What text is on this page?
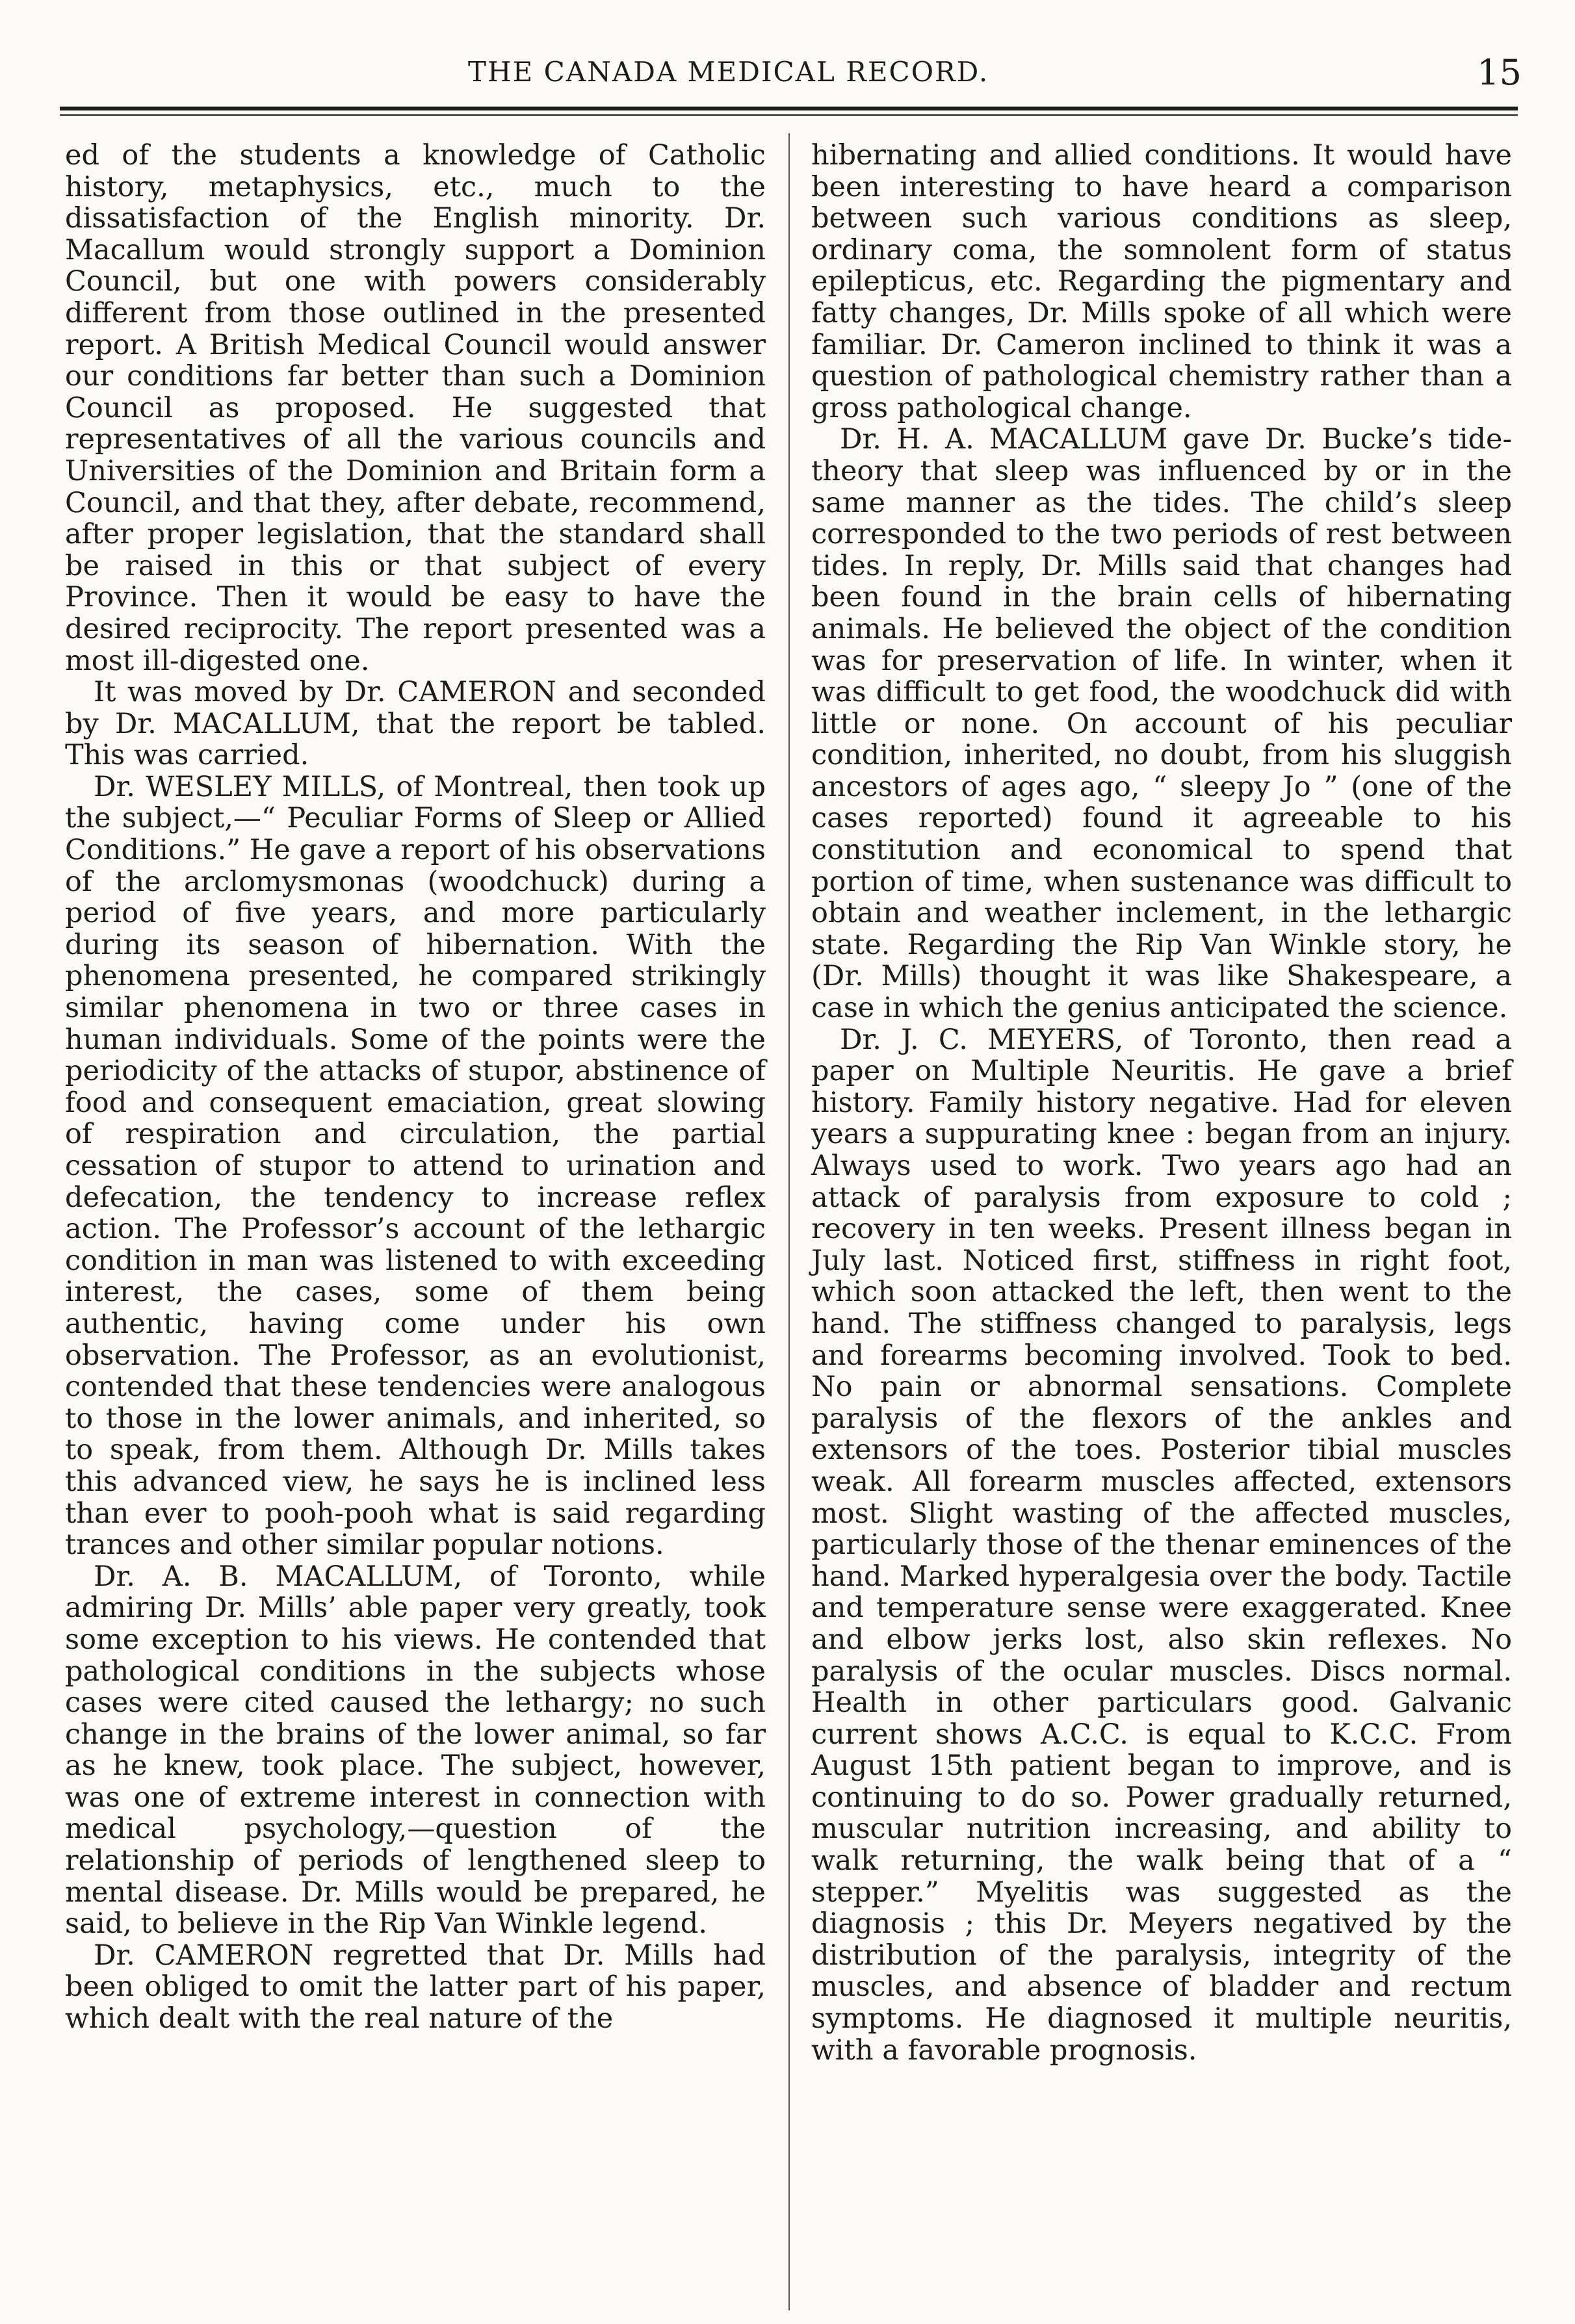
THE CANADA MEDICAL RECORD.	15

ed of the students a knowledge of Catholic history, metaphysics, etc., much to the dissatisfaction of the English minority. Dr. Macallum would strongly support a Dominion Council, but one with powers considerably different from those outlined in the presented report. A British Medical Council would answer our conditions far better than such a Dominion Council as proposed. He suggested that representatives of all the various councils and Universities of the Dominion and Britain form a Council, and that they, after debate, recommend, after proper legislation, that the standard shall be raised in this or that subject of every Province. Then it would be easy to have the desired reciprocity. The report presented was a most ill-digested one.

It was moved by Dr. CAMERON and seconded by Dr. MACALLUM, that the report be tabled. This was carried.

Dr. WESLEY MILLS, of Montreal, then took up the subject,—“ Peculiar Forms of Sleep or Allied Conditions.” He gave a report of his observations of the arclomysmonas (woodchuck) during a period of five years, and more particularly during its season of hibernation. With the phenomena presented, he compared strikingly similar phenomena in two or three cases in human individuals. Some of the points were the periodicity of the attacks of stupor, abstinence of food and consequent emaciation, great slowing of respiration and circulation, the partial cessation of stupor to attend to urination and defecation, the tendency to increase reflex action. The Professor’s account of the lethargic condition in man was listened to with exceeding interest, the cases, some of them being authentic, having come under his own observation. The Professor, as an evolutionist, contended that these tendencies were analogous to those in the lower animals, and inherited, so to speak, from them. Although Dr. Mills takes this advanced view, he says he is inclined less than ever to pooh-pooh what is said regarding trances and other similar popular notions.

Dr. A. B. MACALLUM, of Toronto, while admiring Dr. Mills’ able paper very greatly, took some exception to his views. He contended that pathological conditions in the subjects whose cases were cited caused the lethargy; no such change in the brains of the lower animal, so far as he knew, took place. The subject, however, was one of extreme interest in connection with medical psychology,—question of the relationship of periods of lengthened sleep to mental disease. Dr. Mills would be prepared, he said, to believe in the Rip Van Winkle legend.

Dr. CAMERON regretted that Dr. Mills had been obliged to omit the latter part of his paper, which dealt with the real nature of the

hibernating and allied conditions. It would have been interesting to have heard a comparison between such various conditions as sleep, ordinary coma, the somnolent form of status epilepticus, etc. Regarding the pigmentary and fatty changes, Dr. Mills spoke of all which were familiar. Dr. Cameron inclined to think it was a question of pathological chemistry rather than a gross pathological change.

Dr. H. A. MACALLUM gave Dr. Bucke’s tide-theory that sleep was influenced by or in the same manner as the tides. The child’s sleep corresponded to the two periods of rest between tides. In reply, Dr. Mills said that changes had been found in the brain cells of hibernating animals. He believed the object of the condition was for preservation of life. In winter, when it was difficult to get food, the woodchuck did with little or none. On account of his peculiar condition, inherited, no doubt, from his sluggish ancestors of ages ago, “ sleepy Jo ” (one of the cases reported) found it agreeable to his constitution and economical to spend that portion of time, when sustenance was difficult to obtain and weather inclement, in the lethargic state. Regarding the Rip Van Winkle story, he (Dr. Mills) thought it was like Shakespeare, a case in which the genius anticipated the science.

Dr. J. C. MEYERS, of Toronto, then read a paper on Multiple Neuritis. He gave a brief history. Family history negative. Had for eleven years a suppurating knee : began from an injury. Always used to work. Two years ago had an attack of paralysis from exposure to cold ; recovery in ten weeks. Present illness began in July last. Noticed first, stiffness in right foot, which soon attacked the left, then went to the hand. The stiffness changed to paralysis, legs and forearms becoming involved. Took to bed. No pain or abnormal sensations. Complete paralysis of the flexors of the ankles and extensors of the toes. Posterior tibial muscles weak. All forearm muscles affected, extensors most. Slight wasting of the affected muscles, particularly those of the thenar eminences of the hand. Marked hyperalgesia over the body. Tactile and temperature sense were exaggerated. Knee and elbow jerks lost, also skin reflexes. No paralysis of the ocular muscles. Discs normal. Health in other particulars good. Galvanic current shows A.C.C. is equal to K.C.C. From August 15th patient began to improve, and is continuing to do so. Power gradually returned, muscular nutrition increasing, and ability to walk returning, the walk being that of a “ stepper.” Myelitis was suggested as the diagnosis ; this Dr. Meyers negatived by the distribution of the paralysis, integrity of the muscles, and absence of bladder and rectum symptoms. He diagnosed it multiple neuritis, with a favorable prognosis.
